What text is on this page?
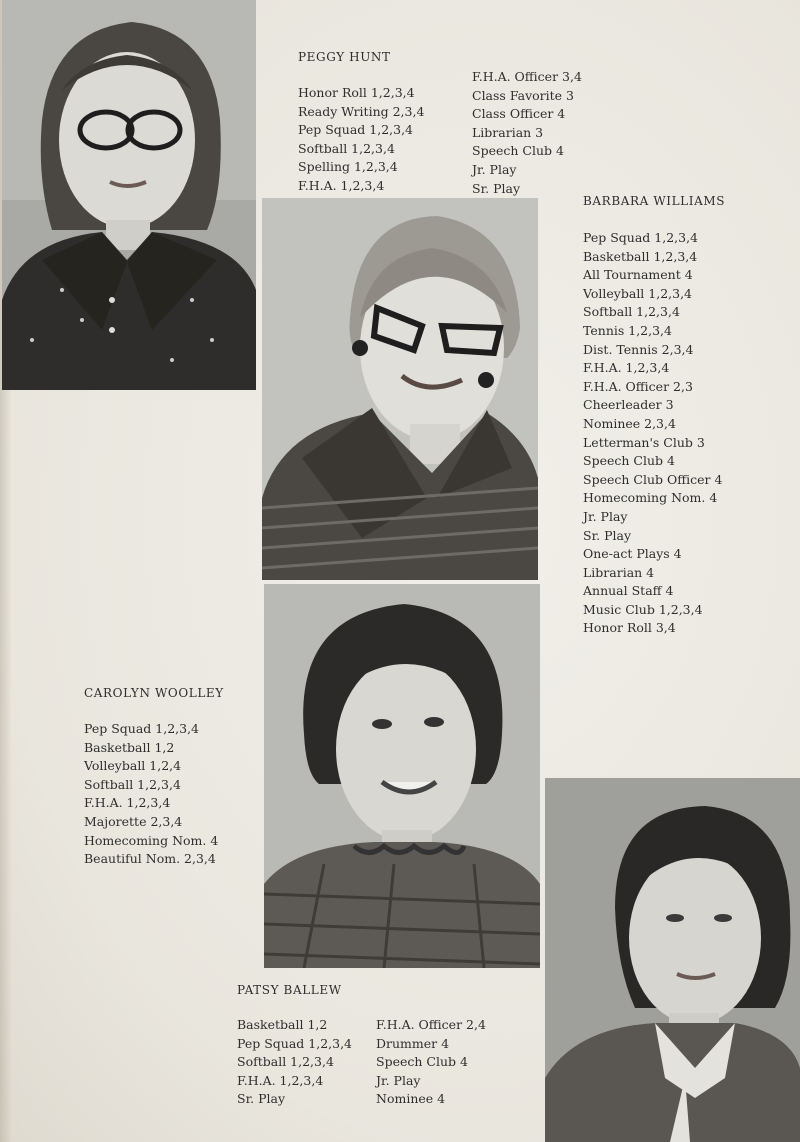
PEGGY HUNT
Honor Roll 1,2,3,4
Ready Writing 2,3,4
Pep Squad 1,2,3,4
Softball 1,2,3,4
Spelling 1,2,3,4
F.H.A. 1,2,3,4
F.H.A. Officer 3,4
Class Favorite 3
Class Officer 4
Librarian 3
Speech Club 4
Jr. Play
Sr. Play
BARBARA WILLIAMS
Pep Squad 1,2,3,4
Basketball 1,2,3,4
All Tournament 4
Volleyball 1,2,3,4
Softball 1,2,3,4
Tennis 1,2,3,4
Dist. Tennis 2,3,4
F.H.A. 1,2,3,4
F.H.A. Officer 2,3
Cheerleader 3
Nominee 2,3,4
Letterman's Club 3
Speech Club 4
Speech Club Officer 4
Homecoming Nom. 4
Jr. Play
Sr. Play
One-act Plays 4
Librarian 4
Annual Staff 4
Music Club 1,2,3,4
Honor Roll 3,4
CAROLYN WOOLLEY
Pep Squad 1,2,3,4
Basketball 1,2
Volleyball 1,2,4
Softball 1,2,3,4
F.H.A. 1,2,3,4
Majorette 2,3,4
Homecoming Nom. 4
Beautiful Nom. 2,3,4
PATSY BALLEW
Basketball 1,2
Pep Squad 1,2,3,4
Softball 1,2,3,4
F.H.A. 1,2,3,4
Sr. Play
F.H.A. Officer 2,4
Drummer 4
Speech Club 4
Jr. Play
Nominee 4
